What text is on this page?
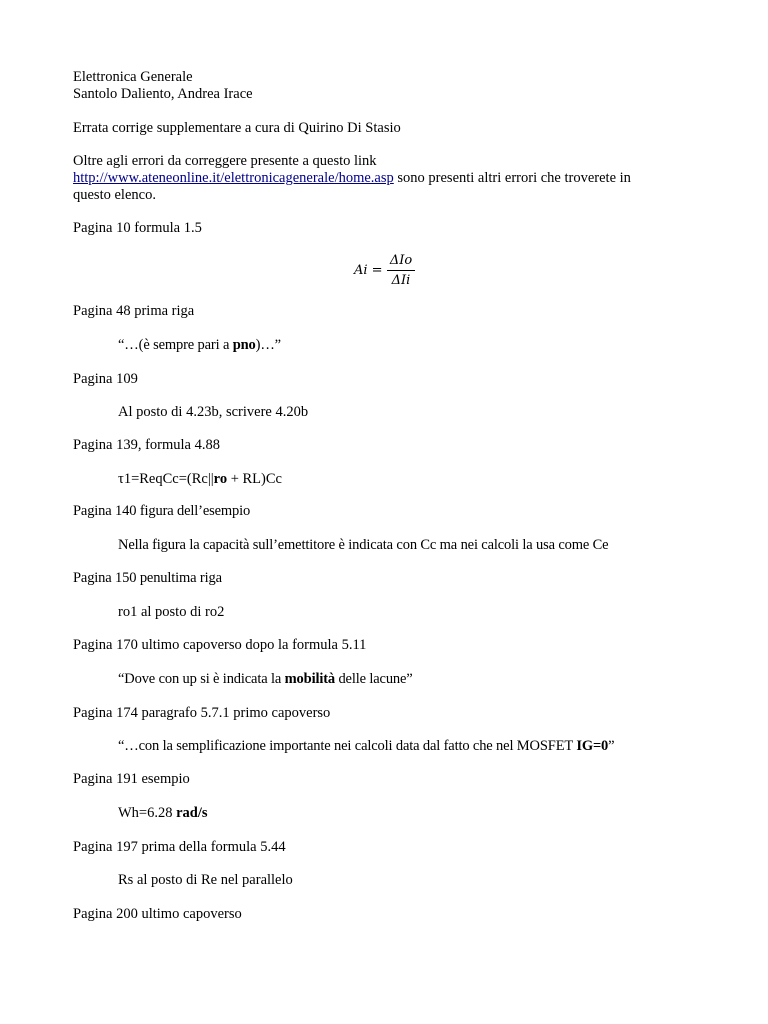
Elettronica Generale
Santolo Daliento, Andrea Irace
Errata corrige supplementare a cura di Quirino Di Stasio
Oltre agli errori da correggere presente a questo link
http://www.ateneonline.it/elettronicagenerale/home.asp sono presenti altri errori che troverete in
questo elenco.
Pagina 10 formula 1.5
Ai =
ΔIo
ΔIi
Pagina 48 prima riga
“…(è sempre pari a pno)…”
Pagina 109
Al posto di 4.23b, scrivere 4.20b
Pagina 139, formula 4.88
τ1=ReqCc=(Rc||ro + RL)Cc
Pagina 140 figura dell’esempio
Nella figura la capacità sull’emettitore è indicata con Cc ma nei calcoli la usa come Ce
Pagina 150 penultima riga
ro1 al posto di ro2
Pagina 170 ultimo capoverso dopo la formula 5.11
“Dove con up si è indicata la mobilità delle lacune”
Pagina 174 paragrafo 5.7.1 primo capoverso
“…con la semplificazione importante nei calcoli data dal fatto che nel MOSFET IG=0”
Pagina 191 esempio
Wh=6.28 rad/s
Pagina 197 prima della formula 5.44
Rs al posto di Re nel parallelo
Pagina 200 ultimo capoverso
